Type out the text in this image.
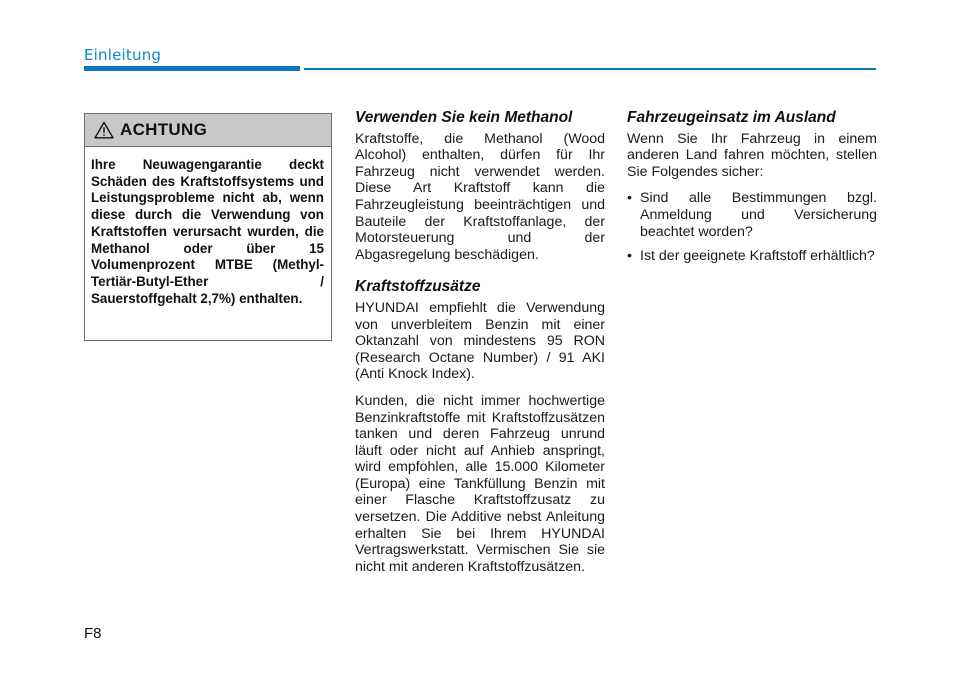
Einleitung
ACHTUNG
Ihre Neuwagengarantie deckt Schäden des Kraftstoffsystems und Leistungsprobleme nicht ab, wenn diese durch die Verwendung von Kraftstoffen verursacht wurden, die Methanol oder über 15 Volumenprozent MTBE (Methyl-Tertiär-Butyl-Ether / Sauerstoffgehalt 2,7%) enthalten.
Verwenden Sie kein Methanol

Kraftstoffe, die Methanol (Wood Alcohol) enthalten, dürfen für Ihr Fahrzeug nicht verwendet werden. Diese Art Kraftstoff kann die Fahrzeugleistung beeinträchtigen und Bauteile der Kraftstoffanlage, der Motorsteuerung und der Abgasregelung beschädigen.

Kraftstoffzusätze

HYUNDAI empfiehlt die Verwendung von unverbleitem Benzin mit einer Oktanzahl von mindestens 95 RON (Research Octane Number) / 91 AKI (Anti Knock Index).

Kunden, die nicht immer hochwertige Benzinkraftstoffe mit Kraftstoffzusätzen tanken und deren Fahrzeug unrund läuft oder nicht auf Anhieb anspringt, wird empfohlen, alle 15.000 Kilometer (Europa) eine Tankfüllung Benzin mit einer Flasche Kraftstoffzusatz zu versetzen. Die Additive nebst Anleitung erhalten Sie bei Ihrem HYUNDAI Vertragswerkstatt. Vermischen Sie sie nicht mit anderen Kraftstoffzusätzen.

Fahrzeugeinsatz im Ausland

Wenn Sie Ihr Fahrzeug in einem anderen Land fahren möchten, stellen Sie Folgendes sicher:

• Sind alle Bestimmungen bzgl. Anmeldung und Versicherung beachtet worden?
• Ist der geeignete Kraftstoff erhältlich?
F8
